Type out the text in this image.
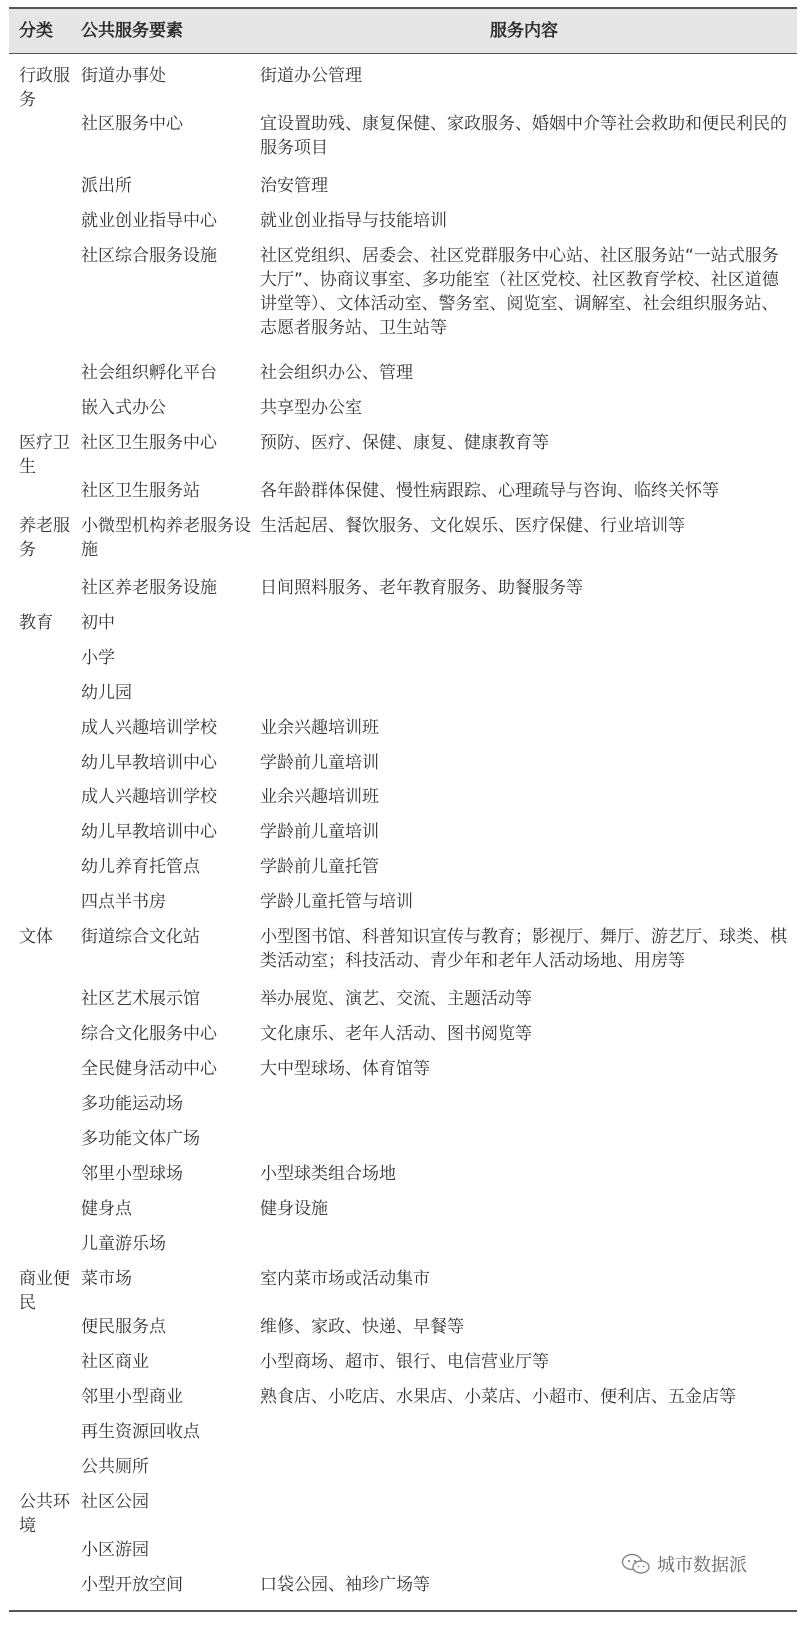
分类	公共服务要素	服务内容
行政服务	街道办事处	街道办公管理
	社区服务中心	宜设置助残、康复保健、家政服务、婚姻中介等社会救助和便民利民的服务项目
	派出所	治安管理
	就业创业指导中心	就业创业指导与技能培训
	社区综合服务设施	社区党组织、居委会、社区党群服务中心站、社区服务站“一站式服务大厅”、协商议事室、多功能室（社区党校、社区教育学校、社区道德讲堂等）、文体活动室、警务室、阅览室、调解室、社会组织服务站、志愿者服务站、卫生站等
	社会组织孵化平台	社会组织办公、管理
	嵌入式办公	共享型办公室
医疗卫生	社区卫生服务中心	预防、医疗、保健、康复、健康教育等
	社区卫生服务站	各年龄群体保健、慢性病跟踪、心理疏导与咨询、临终关怀等
养老服务	小微型机构养老服务设施	生活起居、餐饮服务、文化娱乐、医疗保健、行业培训等
	社区养老服务设施	日间照料服务、老年教育服务、助餐服务等
教育	初中	
	小学	
	幼儿园	
	成人兴趣培训学校	业余兴趣培训班
	幼儿早教培训中心	学龄前儿童培训
	成人兴趣培训学校	业余兴趣培训班
	幼儿早教培训中心	学龄前儿童培训
	幼儿养育托管点	学龄前儿童托管
	四点半书房	学龄儿童托管与培训
文体	街道综合文化站	小型图书馆、科普知识宣传与教育；影视厅、舞厅、游艺厅、球类、棋类活动室；科技活动、青少年和老年人活动场地、用房等
	社区艺术展示馆	举办展览、演艺、交流、主题活动等
	综合文化服务中心	文化康乐、老年人活动、图书阅览等
	全民健身活动中心	大中型球场、体育馆等
	多功能运动场	
	多功能文体广场	
	邻里小型球场	小型球类组合场地
	健身点	健身设施
	儿童游乐场	
商业便民	菜市场	室内菜市场或活动集市
	便民服务点	维修、家政、快递、早餐等
	社区商业	小型商场、超市、银行、电信营业厅等
	邻里小型商业	熟食店、小吃店、水果店、小菜店、小超市、便利店、五金店等
	再生资源回收点	
	公共厕所	
公共环境	社区公园	
	小区游园	
	小型开放空间	口袋公园、袖珍广场等
城市数据派
